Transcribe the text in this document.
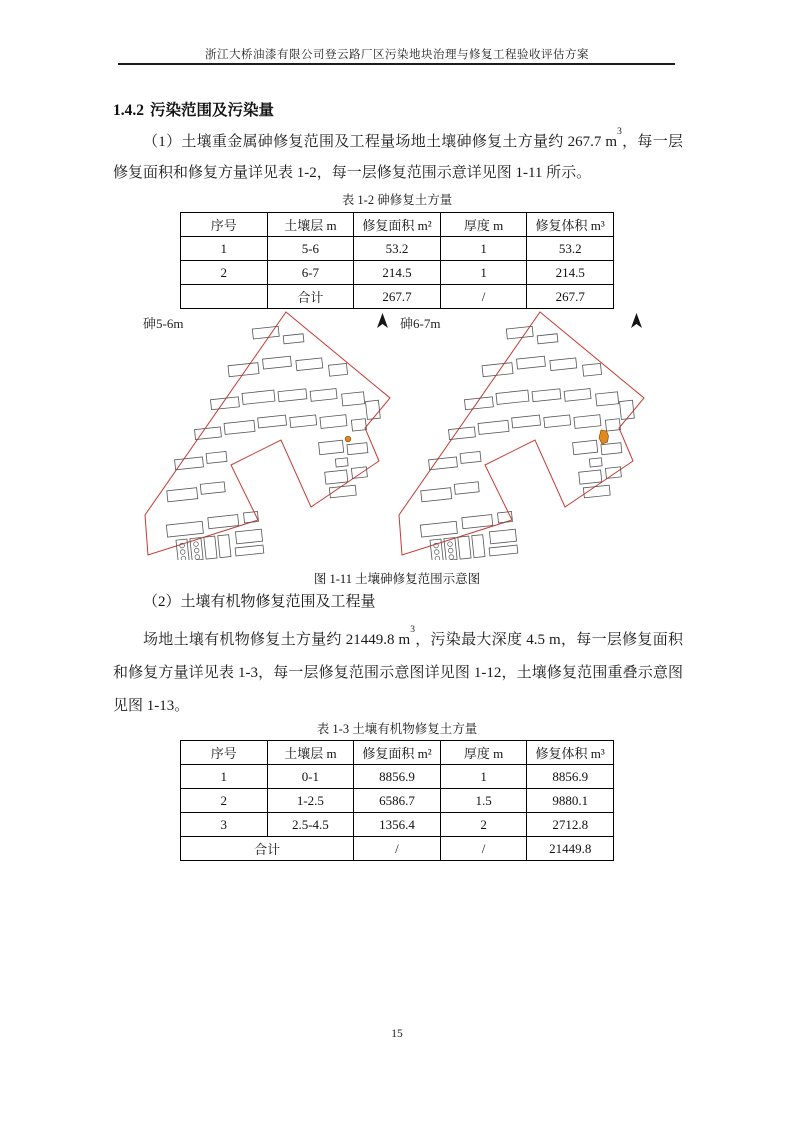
浙江大桥油漆有限公司登云路厂区污染地块治理与修复工程验收评估方案
1.4.2 污染范围及污染量
（1）土壤重金属砷修复范围及工程量场地土壤砷修复土方量约 267.7 $m^3$，每一层修复面积和修复方量详见表 1-2，每一层修复范围示意详见图 1-11 所示。
表 1-2 砷修复土方量
序号	土壤层 m	修复面积 m²	厚度 m	修复体积 m³
1	5-6	53.2	1	53.2
2	6-7	214.5	1	214.5
	合计	267.7	/	267.7
砷5-6m	砷6-7m
图 1-11 土壤砷修复范围示意图
（2）土壤有机物修复范围及工程量
场地土壤有机物修复土方量约 21449.8 $m^3$，污染最大深度 4.5 m，每一层修复面积和修复方量详见表 1-3，每一层修复范围示意图详见图 1-12，土壤修复范围重叠示意图见图 1-13。
表 1-3 土壤有机物修复土方量
序号	土壤层 m	修复面积 m²	厚度 m	修复体积 m³
1	0-1	8856.9	1	8856.9
2	1-2.5	6586.7	1.5	9880.1
3	2.5-4.5	1356.4	2	2712.8
合计		/	/	21449.8
15
